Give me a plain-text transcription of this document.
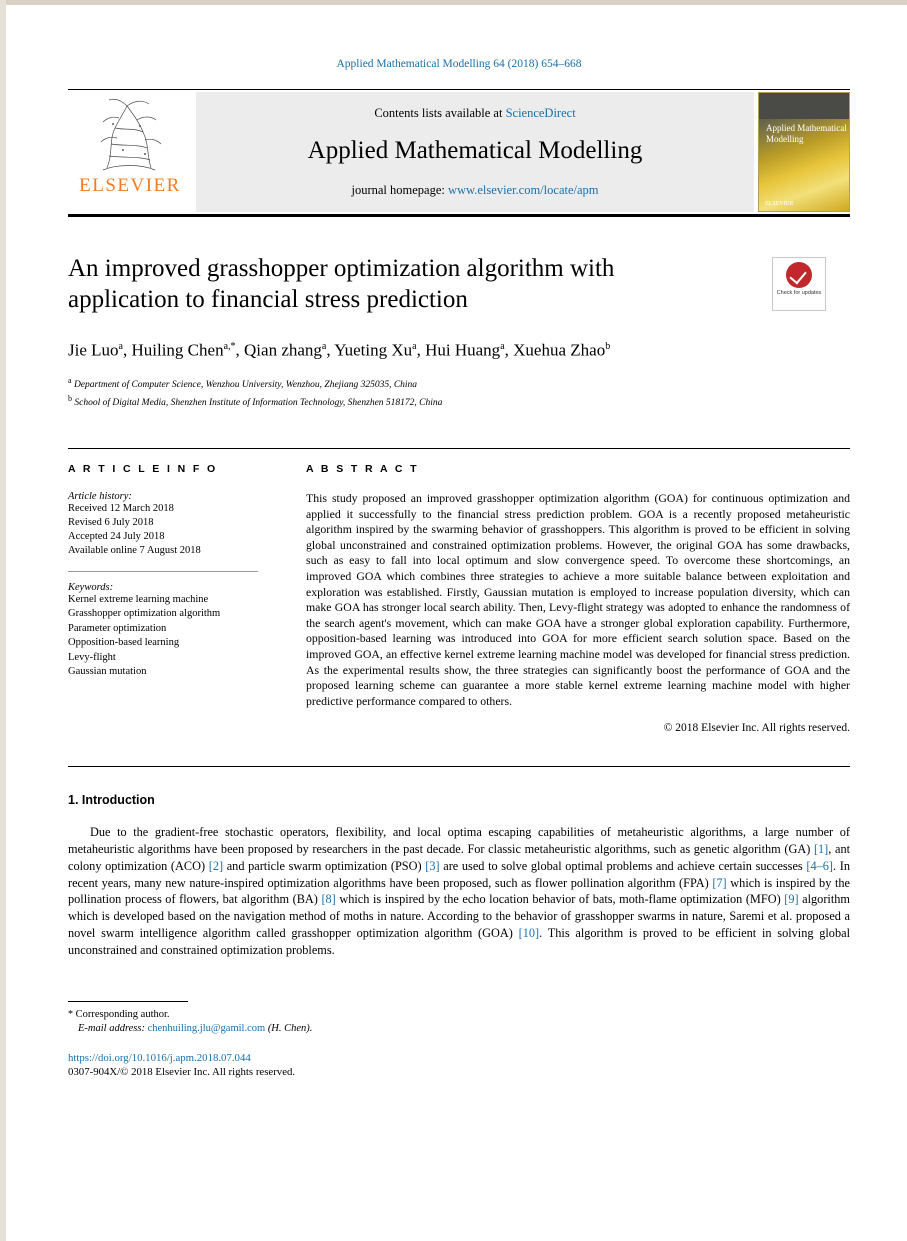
Applied Mathematical Modelling 64 (2018) 654–668
ELSEVIER
Contents lists available at ScienceDirect
Applied Mathematical Modelling
journal homepage: www.elsevier.com/locate/apm
Applied Mathematical Modelling
ELSEVIER
An improved grasshopper optimization algorithm with application to financial stress prediction	Check for updates
Jie Luo$^a$, Huiling Chen$^{a,*}$, Qian zhang$^a$, Yueting Xu$^a$, Hui Huang$^a$, Xuehua Zhao$^b$
$^a$ Department of Computer Science, Wenzhou University, Wenzhou, Zhejiang 325035, China
$^b$ School of Digital Media, Shenzhen Institute of Information Technology, Shenzhen 518172, China
A R T I C L E I N F O
Article history:
Received 12 March 2018
Revised 6 July 2018
Accepted 24 July 2018
Available online 7 August 2018
Keywords:
Kernel extreme learning machine
Grasshopper optimization algorithm
Parameter optimization
Opposition-based learning
Levy-flight
Gaussian mutation
A B S T R A C T
This study proposed an improved grasshopper optimization algorithm (GOA) for continuous optimization and applied it successfully to the financial stress prediction problem. GOA is a recently proposed metaheuristic algorithm inspired by the swarming behavior of grasshoppers. This algorithm is proved to be efficient in solving global unconstrained and constrained optimization problems. However, the original GOA has some drawbacks, such as easy to fall into local optimum and slow convergence speed. To overcome these shortcomings, an improved GOA which combines three strategies to achieve a more suitable balance between exploitation and exploration was established. Firstly, Gaussian mutation is employed to increase population diversity, which can make GOA has stronger local search ability. Then, Levy-flight strategy was adopted to enhance the randomness of the search agent's movement, which can make GOA have a stronger global exploration capability. Furthermore, opposition-based learning was introduced into GOA for more efficient search solution space. Based on the improved GOA, an effective kernel extreme learning machine model was developed for financial stress prediction. As the experimental results show, the three strategies can significantly boost the performance of GOA and the proposed learning scheme can guarantee a more stable kernel extreme learning machine model with higher predictive performance compared to others.
© 2018 Elsevier Inc. All rights reserved.
1. Introduction
Due to the gradient-free stochastic operators, flexibility, and local optima escaping capabilities of metaheuristic algorithms, a large number of metaheuristic algorithms have been proposed by researchers in the past decade. For classic metaheuristic algorithms, such as genetic algorithm (GA) [1], ant colony optimization (ACO) [2] and particle swarm optimization (PSO) [3] are used to solve global optimal problems and achieve certain successes [4–6]. In recent years, many new nature-inspired optimization algorithms have been proposed, such as flower pollination algorithm (FPA) [7] which is inspired by the pollination process of flowers, bat algorithm (BA) [8] which is inspired by the echo location behavior of bats, moth-flame optimization (MFO) [9] algorithm which is developed based on the navigation method of moths in nature. According to the behavior of grasshopper swarms in nature, Saremi et al. proposed a novel swarm intelligence algorithm called grasshopper optimization algorithm (GOA) [10]. This algorithm is proved to be efficient in solving global unconstrained and constrained optimization problems.
* Corresponding author.
E-mail address: chenhuiling.jlu@gamil.com (H. Chen).
https://doi.org/10.1016/j.apm.2018.07.044
0307-904X/© 2018 Elsevier Inc. All rights reserved.
